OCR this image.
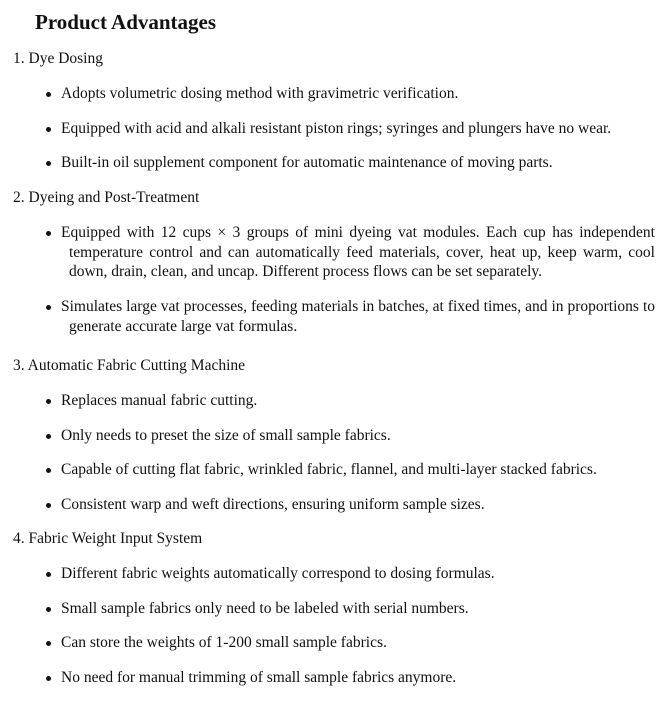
Product Advantages

1. Dye Dosing

Adopts volumetric dosing method with gravimetric verification.
Equipped with acid and alkali resistant piston rings; syringes and plungers have no wear.
Built-in oil supplement component for automatic maintenance of moving parts.

2. Dyeing and Post-Treatment

Equipped with 12 cups × 3 groups of mini dyeing vat modules. Each cup has independent temperature control and can automatically feed materials, cover, heat up, keep warm, cool down, drain, clean, and uncap. Different process flows can be set separately.
Simulates large vat processes, feeding materials in batches, at fixed times, and in proportions to generate accurate large vat formulas.

3. Automatic Fabric Cutting Machine

Replaces manual fabric cutting.
Only needs to preset the size of small sample fabrics.
Capable of cutting flat fabric, wrinkled fabric, flannel, and multi-layer stacked fabrics.
Consistent warp and weft directions, ensuring uniform sample sizes.

4. Fabric Weight Input System

Different fabric weights automatically correspond to dosing formulas.
Small sample fabrics only need to be labeled with serial numbers.
Can store the weights of 1-200 small sample fabrics.
No need for manual trimming of small sample fabrics anymore.
